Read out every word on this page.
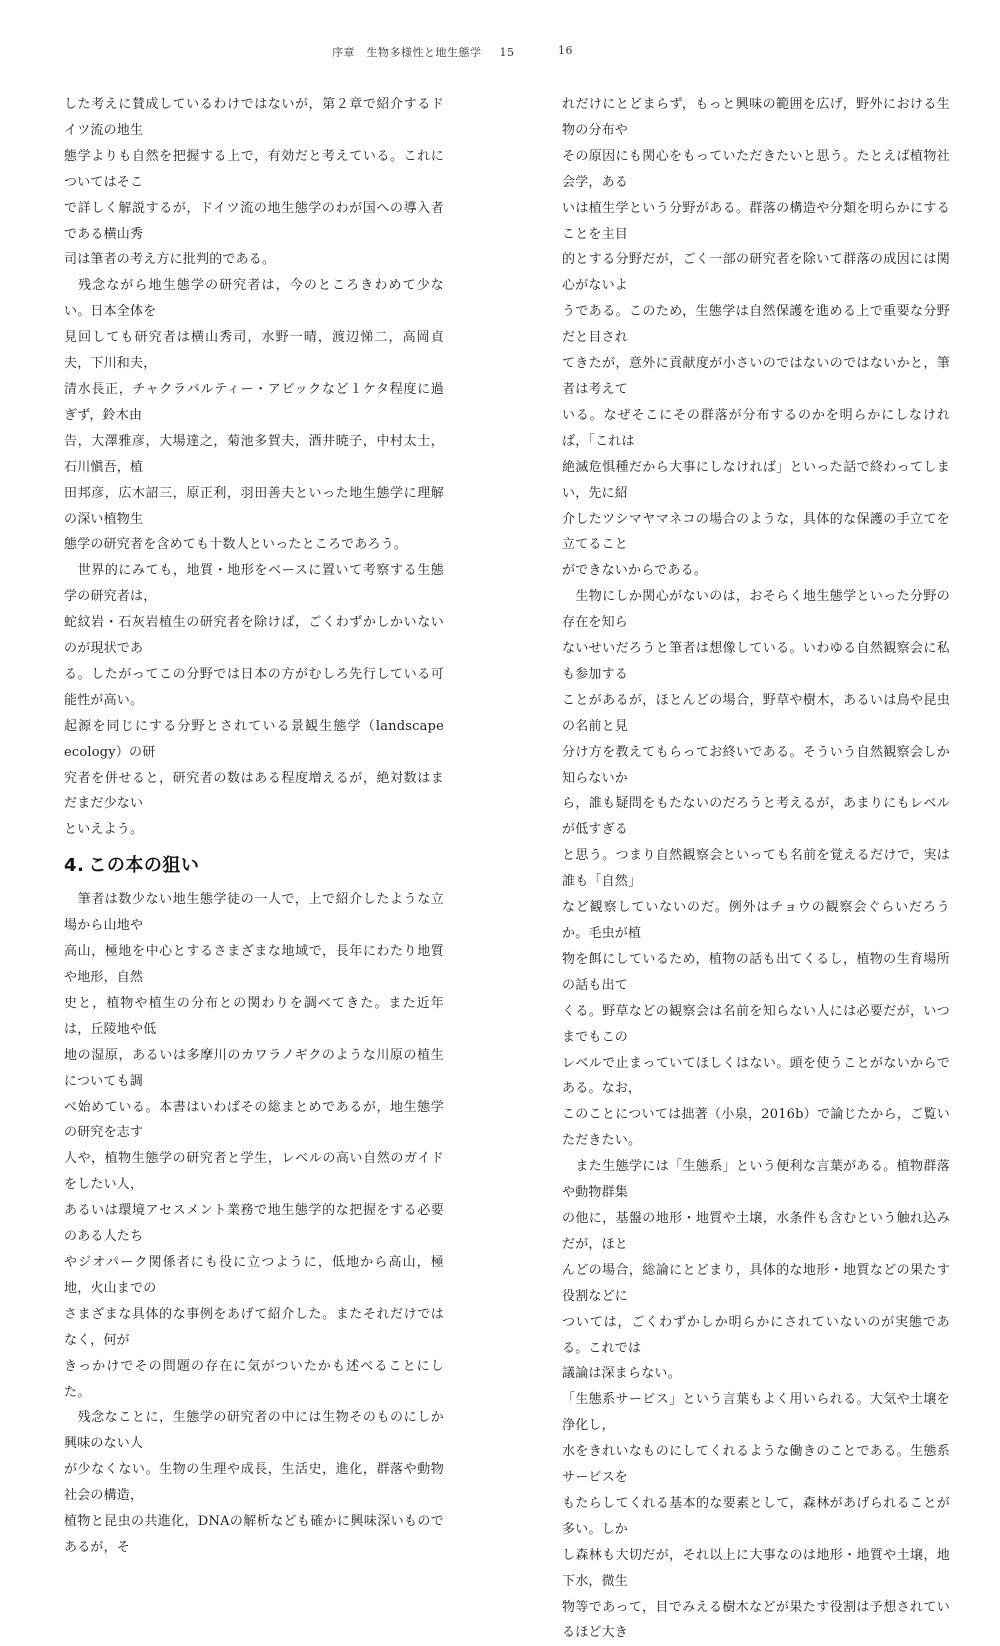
序章　生物多様性と地生態学 15

した考えに賛成しているわけではないが，第２章で紹介するドイツ流の地生
態学よりも自然を把握する上で，有効だと考えている。これについてはそこ
で詳しく解説するが，ドイツ流の地生態学のわが国への導入者である横山秀
司は筆者の考え方に批判的である。

　残念ながら地生態学の研究者は，今のところきわめて少ない。日本全体を
見回しても研究者は横山秀司，水野一晴，渡辺悌二，高岡貞夫，下川和夫，
清水長正，チャクラバルティー・アビックなど１ケタ程度に過ぎず，鈴木由
告，大澤雅彦，大場達之，菊池多賀夫，酒井暁子，中村太士，石川愼吾，植
田邦彦，広木詔三，原正利，羽田善夫といった地生態学に理解の深い植物生
態学の研究者を含めても十数人といったところであろう。

　世界的にみても，地質・地形をベースに置いて考察する生態学の研究者は，
蛇紋岩・石灰岩植生の研究者を除けば，ごくわずかしかいないのが現状であ
る。したがってこの分野では日本の方がむしろ先行している可能性が高い。
起源を同じにする分野とされている景観生態学（landscape ecology）の研
究者を併せると，研究者の数はある程度増えるが，絶対数はまだまだ少ない
といえよう。

4. この本の狙い

　筆者は数少ない地生態学徒の一人で，上で紹介したような立場から山地や
高山，極地を中心とするさまざまな地域で，長年にわたり地質や地形，自然
史と，植物や植生の分布との関わりを調べてきた。また近年は，丘陵地や低
地の湿原，あるいは多摩川のカワラノギクのような川原の植生についても調
べ始めている。本書はいわばその総まとめであるが，地生態学の研究を志す
人や，植物生態学の研究者と学生，レベルの高い自然のガイドをしたい人，
あるいは環境アセスメント業務で地生態学的な把握をする必要のある人たち
やジオパーク関係者にも役に立つように，低地から高山，極地，火山までの
さまざまな具体的な事例をあげて紹介した。またそれだけではなく，何が
きっかけでその問題の存在に気がついたかも述べることにした。

　残念なことに，生態学の研究者の中には生物そのものにしか興味のない人
が少なくない。生物の生理や成長，生活史，進化，群落や動物社会の構造，
植物と昆虫の共進化，DNAの解析なども確かに興味深いものであるが，そ

16

れだけにとどまらず，もっと興味の範囲を広げ，野外における生物の分布や
その原因にも関心をもっていただきたいと思う。たとえば植物社会学，ある
いは植生学という分野がある。群落の構造や分類を明らかにすることを主目
的とする分野だが，ごく一部の研究者を除いて群落の成因には関心がないよ
うである。このため，生態学は自然保護を進める上で重要な分野だと目され
てきたが，意外に貢献度が小さいのではないのではないかと，筆者は考えて
いる。なぜそこにその群落が分布するのかを明らかにしなければ，「これは
絶滅危惧種だから大事にしなければ」といった話で終わってしまい，先に紹
介したツシマヤマネコの場合のような，具体的な保護の手立てを立てること
ができないからである。

　生物にしか関心がないのは，おそらく地生態学といった分野の存在を知ら
ないせいだろうと筆者は想像している。いわゆる自然観察会に私も参加する
ことがあるが，ほとんどの場合，野草や樹木，あるいは鳥や昆虫の名前と見
分け方を教えてもらってお終いである。そういう自然観察会しか知らないか
ら，誰も疑問をもたないのだろうと考えるが，あまりにもレベルが低すぎる
と思う。つまり自然観察会といっても名前を覚えるだけで，実は誰も「自然」
など観察していないのだ。例外はチョウの観察会ぐらいだろうか。毛虫が植
物を餌にしているため，植物の話も出てくるし，植物の生育場所の話も出て
くる。野草などの観察会は名前を知らない人には必要だが，いつまでもこの
レベルで止まっていてほしくはない。頭を使うことがないからである。なお，
このことについては拙著（小泉，2016b）で論じたから，ご覧いただきたい。

　また生態学には「生態系」という便利な言葉がある。植物群落や動物群集
の他に，基盤の地形・地質や土壌，水条件も含むという触れ込みだが，ほと
んどの場合，総論にとどまり，具体的な地形・地質などの果たす役割などに
ついては，ごくわずかしか明らかにされていないのが実態である。これでは
議論は深まらない。

「生態系サービス」という言葉もよく用いられる。大気や土壌を浄化し，
水をきれいなものにしてくれるような働きのことである。生態系サービスを
もたらしてくれる基本的な要素として，森林があげられることが多い。しか
し森林も大切だが，それ以上に大事なのは地形・地質や土壌，地下水，微生
物等であって，目でみえる樹木などが果たす役割は予想されているほど大き
